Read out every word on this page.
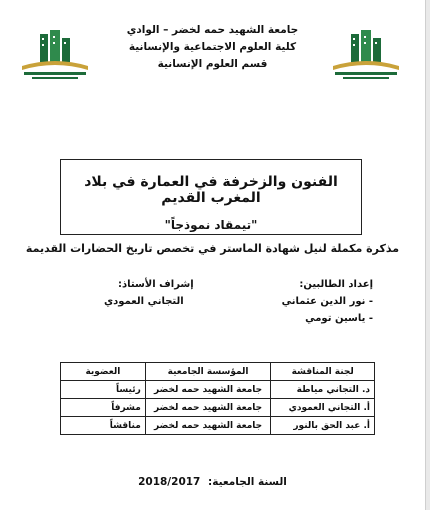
جامعة الشهيد حمه لخضر – الوادي
كلية العلوم الاجتماعية والإنسانية
قسم العلوم الإنسانية
الفنون والزخرفة في العمارة في بلاد المغرب القديم
"تيمقاد نموذجاً"
مذكرة مكملة لنيل شهادة الماستر في تخصص تاريخ الحضارات القديمة
إعداد الطالبين:
إشراف الأستاذ:
- نور الدين عثماني
- ياسين تومي
التجاني العمودي
لجنة المناقشة	المؤسسة الجامعية	العضوية
د. التجاني مياطة	جامعة الشهيد حمه لخضر	رئيساً
أ. التجاني العمودي	جامعة الشهيد حمه لخضر	مشرفاً
أ. عبد الحق بالنور	جامعة الشهيد حمه لخضر	مناقشاً
السنة الجامعية: 2018/2017
